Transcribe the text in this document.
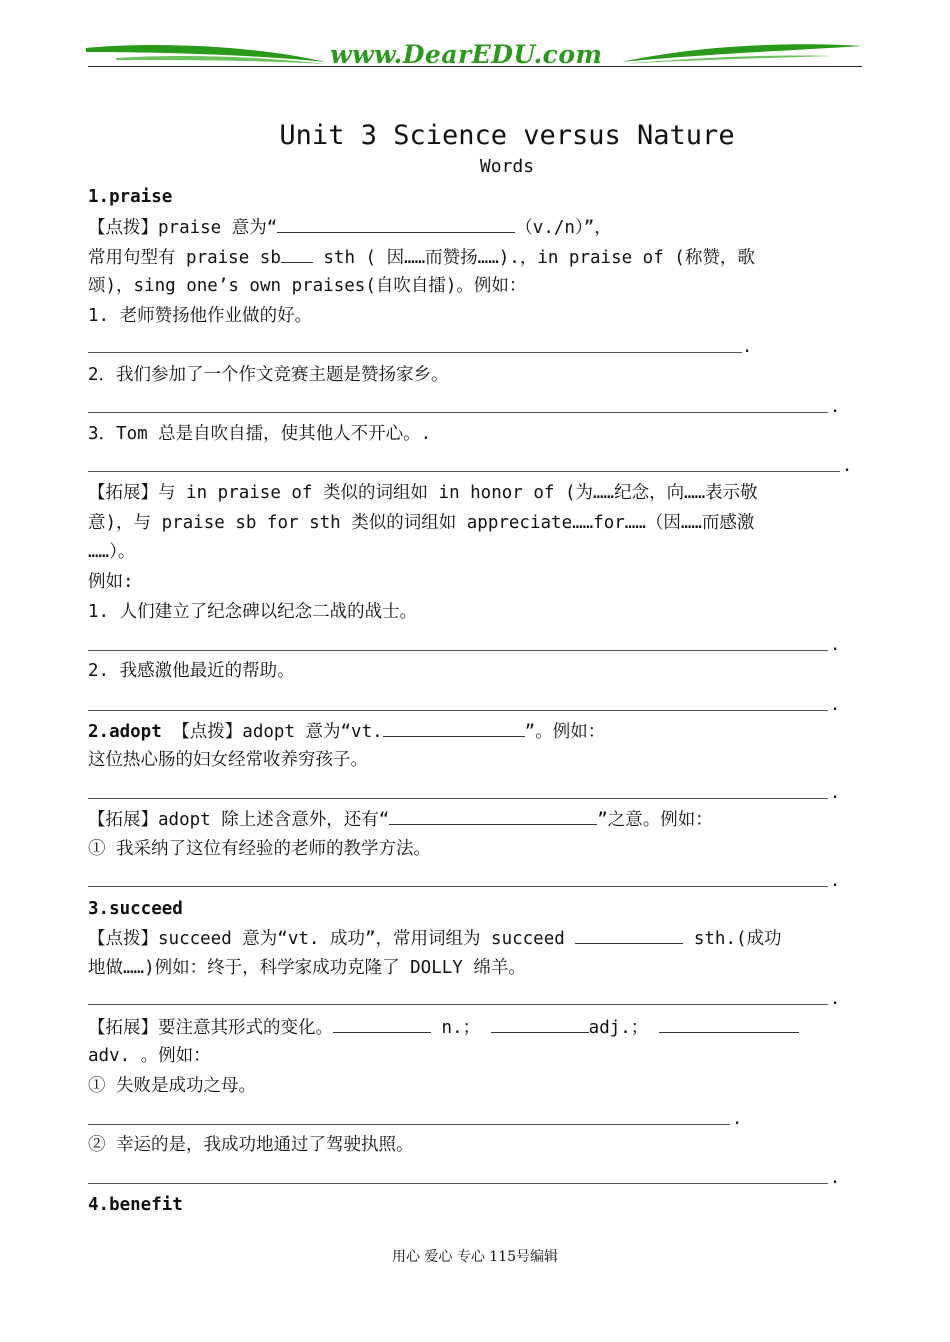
www.DearEDU.com
Unit 3 Science versus Nature
Words
1.praise
【点拨】praise 意为“	（v./n）”，
常用句型有 praise sb sth ( 因……而赞扬……).，in praise of (称赞，歌
颂)，sing one’s own praises(自吹自擂)。例如：
1. 老师赞扬他作业做的好。
.
2．我们参加了一个作文竞赛主题是赞扬家乡。
.
3．Tom 总是自吹自擂，使其他人不开心。.
.
【拓展】与 in praise of 类似的词组如 in honor of (为……纪念，向……表示敬
意)，与 praise sb for sth 类似的词组如 appreciate……for……（因……而感激
……）。
例如:
1. 人们建立了纪念碑以纪念二战的战士。
.
2. 我感激他最近的帮助。
.
2.adopt 【点拨】adopt 意为“vt.	”。例如：
这位热心肠的妇女经常收养穷孩子。
.
【拓展】adopt 除上述含意外，还有“	”之意。例如：
① 我采纳了这位有经验的老师的教学方法。
.
3.succeed
【点拨】succeed 意为“vt. 成功”，常用词组为 succeed	sth.(成功
地做……)例如：终于，科学家成功克隆了 DOLLY 绵羊。
.
【拓展】要注意其形式的变化。	n.；	adj.；
adv. 。例如：
① 失败是成功之母。
.
② 幸运的是，我成功地通过了驾驶执照。
.
4.benefit
用心 爱心 专心 115号编辑
